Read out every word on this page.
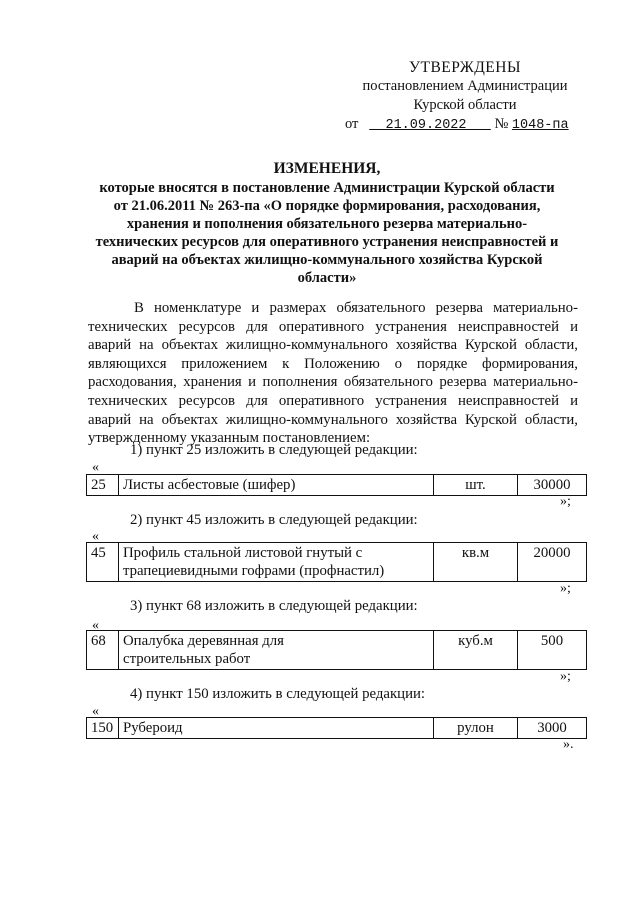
УТВЕРЖДЕНЫ
постановлением Администрации
Курской области
от 21.09.2022 № 1048-па
ИЗМЕНЕНИЯ,
которые вносятся в постановление Администрации Курской области
от 21.06.2011 № 263-па «О порядке формирования, расходования,
хранения и пополнения обязательного резерва материально-
технических ресурсов для оперативного устранения неисправностей и
аварий на объектах жилищно-коммунального хозяйства Курской
области»

В номенклатуре и размерах обязательного резерва материально-технических ресурсов для оперативного устранения неисправностей и аварий на объектах жилищно-коммунального хозяйства Курской области, являющихся приложением к Положению о порядке формирования, расходования, хранения и пополнения обязательного резерва материально-технических ресурсов для оперативного устранения неисправностей и аварий на объектах жилищно-коммунального хозяйства Курской области, утвержденному указанным постановлением:

1) пункт 25 изложить в следующей редакции:
«
25	Листы асбестовые (шифер)	шт.	30000
»;
2) пункт 45 изложить в следующей редакции:
«
45	Профиль стальной листовой гнутый с
трапециевидными гофрами (профнастил)
	кв.м	20000
»;
3) пункт 68 изложить в следующей редакции:
«
68	Опалубка деревянная для
строительных работ
	куб.м	500
»;
4) пункт 150 изложить в следующей редакции:
«
150	Рубероид	рулон	3000
».
